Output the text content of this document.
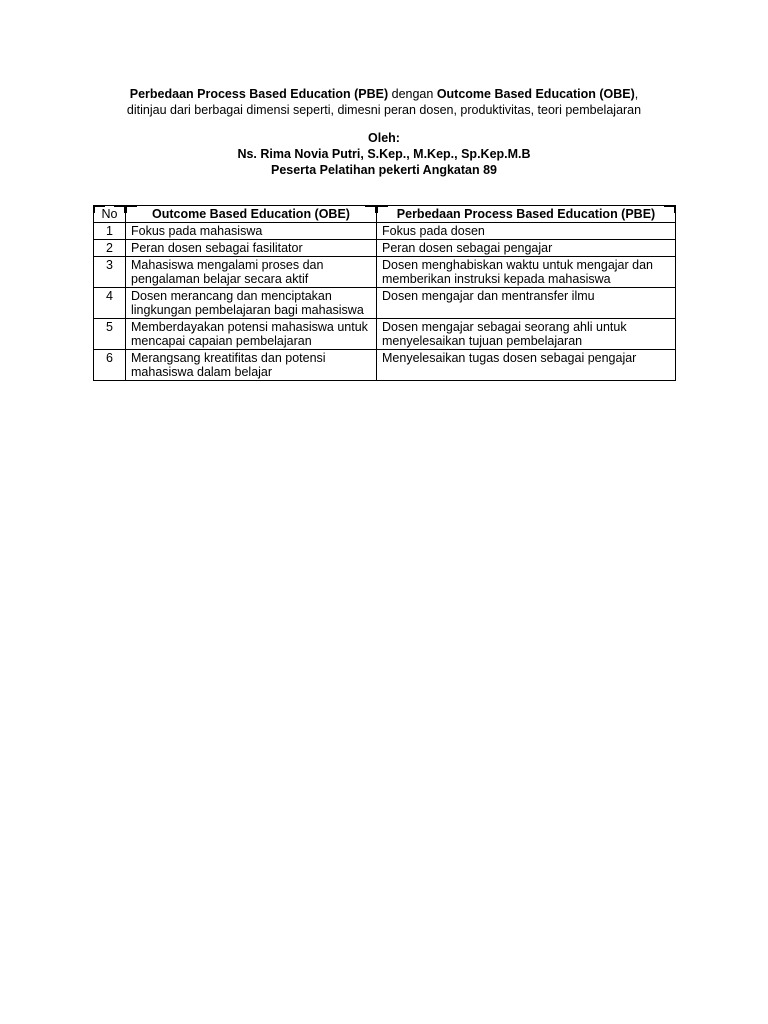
Perbedaan Process Based Education (PBE) dengan Outcome Based Education (OBE),
ditinjau dari berbagai dimensi seperti, dimesni peran dosen, produktivitas, teori pembelajaran
Oleh:
Ns. Rima Novia Putri, S.Kep., M.Kep., Sp.Kep.M.B
Peserta Pelatihan pekerti Angkatan 89
No	Outcome Based Education (OBE)	Perbedaan Process Based Education (PBE)

1	Fokus pada mahasiswa	Fokus pada dosen
2	Peran dosen sebagai fasilitator	Peran dosen sebagai pengajar
3	Mahasiswa mengalami proses dan pengalaman belajar secara aktif	Dosen menghabiskan waktu untuk mengajar dan memberikan instruksi kepada mahasiswa
4	Dosen merancang dan menciptakan lingkungan pembelajaran bagi mahasiswa	Dosen mengajar dan mentransfer ilmu
5	Memberdayakan potensi mahasiswa untuk mencapai capaian pembelajaran	Dosen mengajar sebagai seorang ahli untuk menyelesaikan tujuan pembelajaran
6	Merangsang kreatifitas dan potensi mahasiswa dalam belajar	Menyelesaikan tugas dosen sebagai pengajar
